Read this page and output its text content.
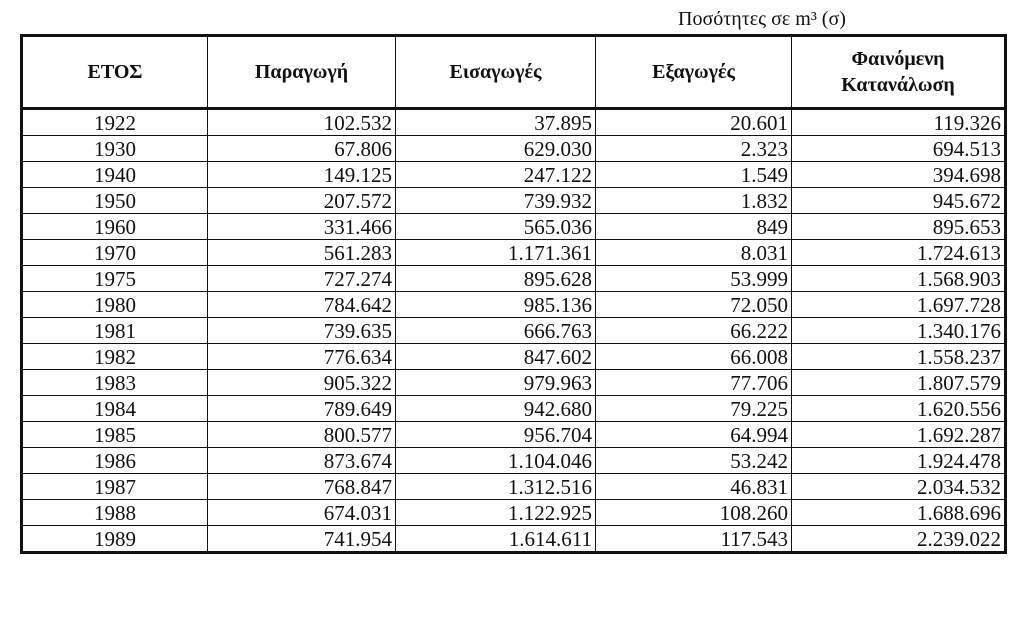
Ποσότητες σε m³ (σ)
ΕΤΟΣ	Παραγωγή	Εισαγωγές	Εξαγωγές	Φαινόμενη Κατανάλωση
1922	102.532	37.895	20.601	119.326
1930	67.806	629.030	2.323	694.513
1940	149.125	247.122	1.549	394.698
1950	207.572	739.932	1.832	945.672
1960	331.466	565.036	849	895.653
1970	561.283	1.171.361	8.031	1.724.613
1975	727.274	895.628	53.999	1.568.903
1980	784.642	985.136	72.050	1.697.728
1981	739.635	666.763	66.222	1.340.176
1982	776.634	847.602	66.008	1.558.237
1983	905.322	979.963	77.706	1.807.579
1984	789.649	942.680	79.225	1.620.556
1985	800.577	956.704	64.994	1.692.287
1986	873.674	1.104.046	53.242	1.924.478
1987	768.847	1.312.516	46.831	2.034.532
1988	674.031	1.122.925	108.260	1.688.696
1989	741.954	1.614.611	117.543	2.239.022
